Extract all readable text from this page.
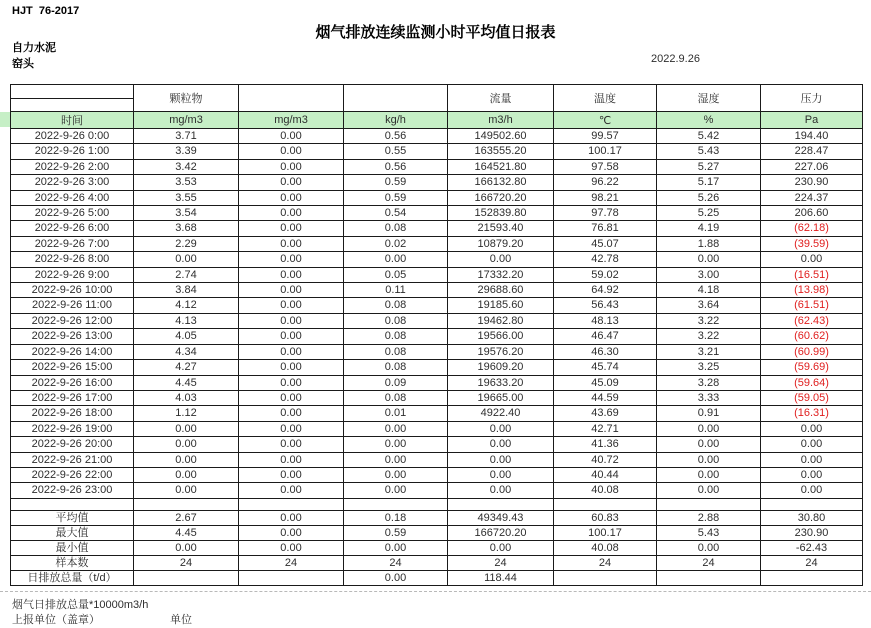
HJT  76-2017
烟气排放连续监测小时平均值日报表
自力水泥
窑头	2022.9.26
	颗粒物			流量	温度	湿度	压力
时间	mg/m3	mg/m3	kg/h	m3/h	℃	%	Pa
2022-9-26 0:00	3.71	0.00	0.56	149502.60	99.57	5.42	194.40
2022-9-26 1:00	3.39	0.00	0.55	163555.20	100.17	5.43	228.47
2022-9-26 2:00	3.42	0.00	0.56	164521.80	97.58	5.27	227.06
2022-9-26 3:00	3.53	0.00	0.59	166132.80	96.22	5.17	230.90
2022-9-26 4:00	3.55	0.00	0.59	166720.20	98.21	5.26	224.37
2022-9-26 5:00	3.54	0.00	0.54	152839.80	97.78	5.25	206.60
2022-9-26 6:00	3.68	0.00	0.08	21593.40	76.81	4.19	(62.18)
2022-9-26 7:00	2.29	0.00	0.02	10879.20	45.07	1.88	(39.59)
2022-9-26 8:00	0.00	0.00	0.00	0.00	42.78	0.00	0.00
2022-9-26 9:00	2.74	0.00	0.05	17332.20	59.02	3.00	(16.51)
2022-9-26 10:00	3.84	0.00	0.11	29688.60	64.92	4.18	(13.98)
2022-9-26 11:00	4.12	0.00	0.08	19185.60	56.43	3.64	(61.51)
2022-9-26 12:00	4.13	0.00	0.08	19462.80	48.13	3.22	(62.43)
2022-9-26 13:00	4.05	0.00	0.08	19566.00	46.47	3.22	(60.62)
2022-9-26 14:00	4.34	0.00	0.08	19576.20	46.30	3.21	(60.99)
2022-9-26 15:00	4.27	0.00	0.08	19609.20	45.74	3.25	(59.69)
2022-9-26 16:00	4.45	0.00	0.09	19633.20	45.09	3.28	(59.64)
2022-9-26 17:00	4.03	0.00	0.08	19665.00	44.59	3.33	(59.05)
2022-9-26 18:00	1.12	0.00	0.01	4922.40	43.69	0.91	(16.31)
2022-9-26 19:00	0.00	0.00	0.00	0.00	42.71	0.00	0.00
2022-9-26 20:00	0.00	0.00	0.00	0.00	41.36	0.00	0.00
2022-9-26 21:00	0.00	0.00	0.00	0.00	40.72	0.00	0.00
2022-9-26 22:00	0.00	0.00	0.00	0.00	40.44	0.00	0.00
2022-9-26 23:00	0.00	0.00	0.00	0.00	40.08	0.00	0.00

平均值	2.67	0.00	0.18	49349.43	60.83	2.88	30.80
最大值	4.45	0.00	0.59	166720.20	100.17	5.43	230.90
最小值	0.00	0.00	0.00	0.00	40.08	0.00	-62.43
样本数	24	24	24	24	24	24	24
日排放总量（t/d）			0.00	118.44			
烟气日排放总量*10000m3/h
上报单位（盖章）	单位
